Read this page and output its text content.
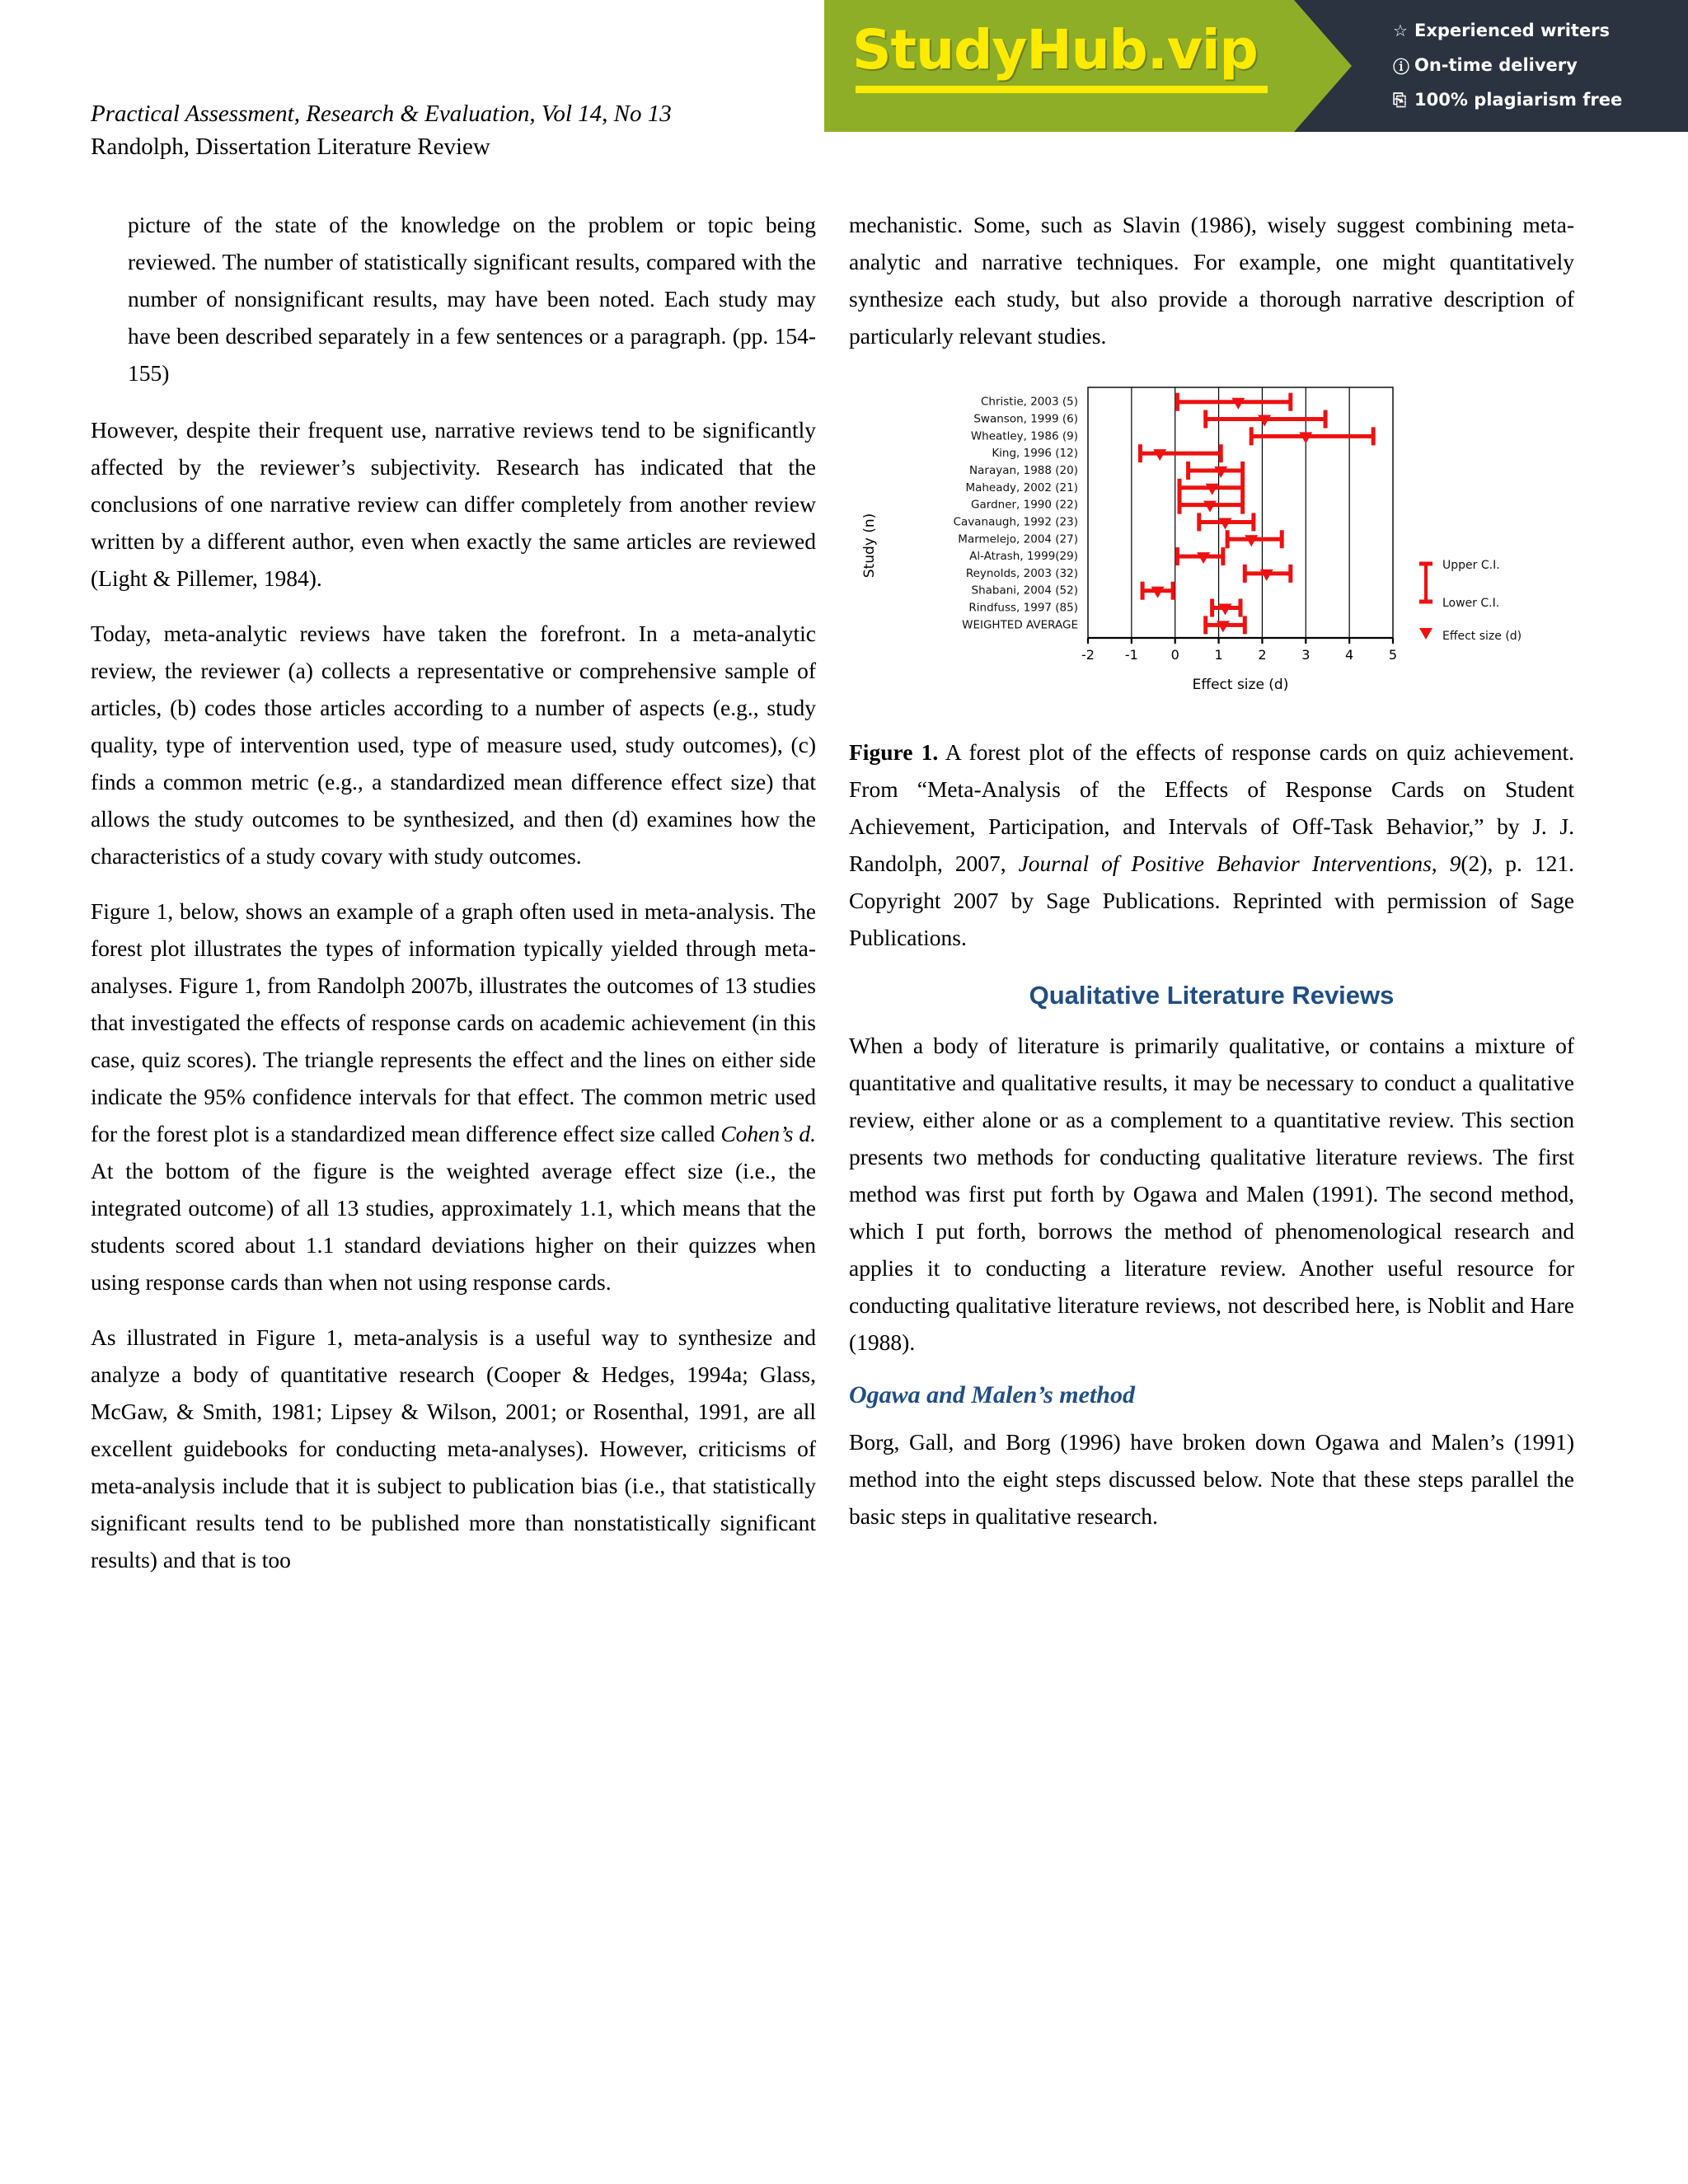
StudyHub.vip	☆ Experienced writers
ⓘ On-time delivery
⎘ 100% plagiarism free
Practical Assessment, Research & Evaluation, Vol 14, No 13
Randolph, Dissertation Literature Review
picture of the state of the knowledge on the problem or topic being reviewed. The number of statistically significant results, compared with the number of nonsignificant results, may have been noted. Each study may have been described separately in a few sentences or a paragraph. (pp. 154-155)

However, despite their frequent use, narrative reviews tend to be significantly affected by the reviewer’s subjectivity. Research has indicated that the conclusions of one narrative review can differ completely from another review written by a different author, even when exactly the same articles are reviewed (Light & Pillemer, 1984).

Today, meta-analytic reviews have taken the forefront. In a meta-analytic review, the reviewer (a) collects a representative or comprehensive sample of articles, (b) codes those articles according to a number of aspects (e.g., study quality, type of intervention used, type of measure used, study outcomes), (c) finds a common metric (e.g., a standardized mean difference effect size) that allows the study outcomes to be synthesized, and then (d) examines how the characteristics of a study covary with study outcomes.

Figure 1, below, shows an example of a graph often used in meta-analysis. The forest plot illustrates the types of information typically yielded through meta-analyses. Figure 1, from Randolph 2007b, illustrates the outcomes of 13 studies that investigated the effects of response cards on academic achievement (in this case, quiz scores). The triangle represents the effect and the lines on either side indicate the 95% confidence intervals for that effect. The common metric used for the forest plot is a standardized mean difference effect size called Cohen’s d. At the bottom of the figure is the weighted average effect size (i.e., the integrated outcome) of all 13 studies, approximately 1.1, which means that the students scored about 1.1 standard deviations higher on their quizzes when using response cards than when not using response cards.

As illustrated in Figure 1, meta-analysis is a useful way to synthesize and analyze a body of quantitative research (Cooper & Hedges, 1994a; Glass, McGaw, & Smith, 1981; Lipsey & Wilson, 2001; or Rosenthal, 1991, are all excellent guidebooks for conducting meta-analyses). However, criticisms of meta-analysis include that it is subject to publication bias (i.e., that statistically significant results tend to be published more than nonstatistically significant results) and that is too

mechanistic. Some, such as Slavin (1986), wisely suggest combining meta-analytic and narrative techniques. For example, one might quantitatively synthesize each study, but also provide a thorough narrative description of particularly relevant studies.

Christie, 2003 (5)
Swanson, 1999 (6)
Wheatley, 1986 (9)
King, 1996 (12)
Narayan, 1988 (20)
Maheady, 2002 (21)
Gardner, 1990 (22)
Cavanaugh, 1992 (23)
Marmelejo, 2004 (27)
Al-Atrash, 1999(29)
Reynolds, 2003 (32)
Shabani, 2004 (52)
Rindfuss, 1997 (85)
WEIGHTED AVERAGE
-2 -1 0	1	2	3	4	5
Effect size (d)
Study (n)	Upper C.I.
Lower C.I.
Effect size (d)

Figure 1. A forest plot of the effects of response cards on quiz achievement. From “Meta-Analysis of the Effects of Response Cards on Student Achievement, Participation, and Intervals of Off-Task Behavior,” by J. J. Randolph, 2007, Journal of Positive Behavior Interventions, 9(2), p. 121. Copyright 2007 by Sage Publications. Reprinted with permission of Sage Publications.

Qualitative Literature Reviews

When a body of literature is primarily qualitative, or contains a mixture of quantitative and qualitative results, it may be necessary to conduct a qualitative review, either alone or as a complement to a quantitative review. This section presents two methods for conducting qualitative literature reviews. The first method was first put forth by Ogawa and Malen (1991). The second method, which I put forth, borrows the method of phenomenological research and applies it to conducting a literature review. Another useful resource for conducting qualitative literature reviews, not described here, is Noblit and Hare (1988).

Ogawa and Malen’s method

Borg, Gall, and Borg (1996) have broken down Ogawa and Malen’s (1991) method into the eight steps discussed below. Note that these steps parallel the basic steps in qualitative research.
